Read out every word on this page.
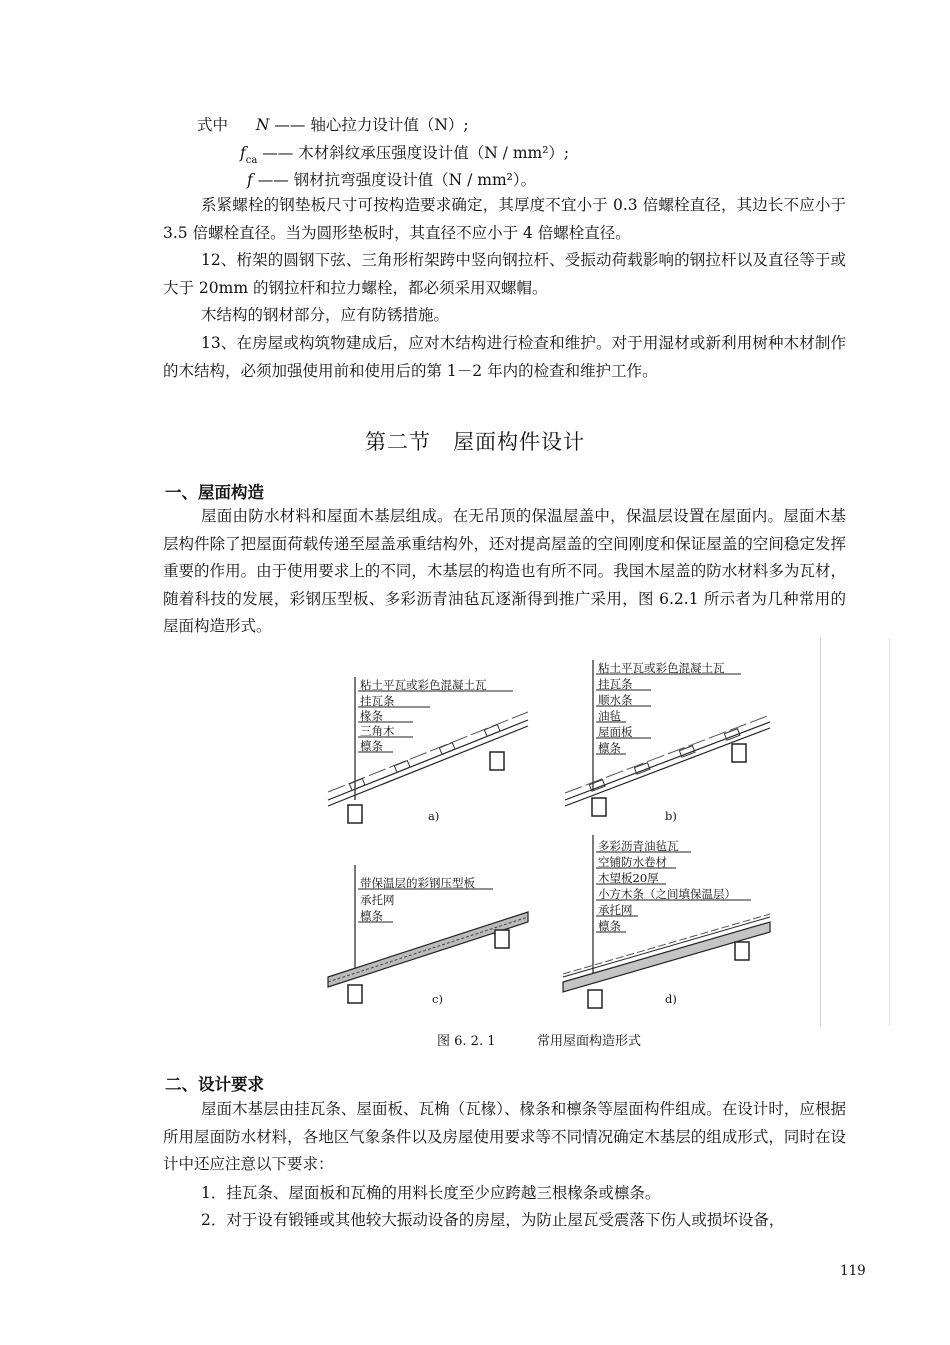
式中 N —— 轴心拉力设计值（N）;
$f_{ca}$ —— 木材斜纹承压强度设计值（N / mm²）;
f —— 钢材抗弯强度设计值（N / mm²）。
系紧螺栓的钢垫板尺寸可按构造要求确定，其厚度不宜小于 0.3 倍螺栓直径，其边长不应小于 3.5 倍螺栓直径。当为圆形垫板时，其直径不应小于 4 倍螺栓直径。
12、桁架的圆钢下弦、三角形桁架跨中竖向钢拉杆、受振动荷载影响的钢拉杆以及直径等于或大于 20mm 的钢拉杆和拉力螺栓，都必须采用双螺帽。
木结构的钢材部分，应有防锈措施。
13、在房屋或构筑物建成后，应对木结构进行检查和维护。对于用湿材或新利用树种木材制作的木结构，必须加强使用前和使用后的第 1－2 年内的检查和维护工作。
第二节　屋面构件设计
一、屋面构造
屋面由防水材料和屋面木基层组成。在无吊顶的保温屋盖中，保温层设置在屋面内。屋面木基层构件除了把屋面荷载传递至屋盖承重结构外，还对提高屋盖的空间刚度和保证屋盖的空间稳定发挥重要的作用。由于使用要求上的不同，木基层的构造也有所不同。我国木屋盖的防水材料多为瓦材，随着科技的发展，彩钢压型板、多彩沥青油毡瓦逐渐得到推广采用，图 6.2.1 所示者为几种常用的屋面构造形式。
粘土平瓦或彩色混凝土瓦
挂瓦条
椽条
三角木
檩条
a)
粘土平瓦或彩色混凝土瓦
挂瓦条
顺水条
油毡
屋面板
檩条
b)
带保温层的彩钢压型板
承托网
檩条
c)
多彩沥青油毡瓦
空铺防水卷材
木望板20厚
小方木条（之间填保温层）
承托网
檩条
d)
图 6. 2. 1	常用屋面构造形式
二、设计要求
屋面木基层由挂瓦条、屋面板、瓦桷（瓦椽）、椽条和檩条等屋面构件组成。在设计时，应根据所用屋面防水材料，各地区气象条件以及房屋使用要求等不同情况确定木基层的组成形式，同时在设计中还应注意以下要求：
1．挂瓦条、屋面板和瓦桷的用料长度至少应跨越三根椽条或檩条。
2．对于设有锻锤或其他较大振动设备的房屋，为防止屋瓦受震落下伤人或损坏设备，
119
